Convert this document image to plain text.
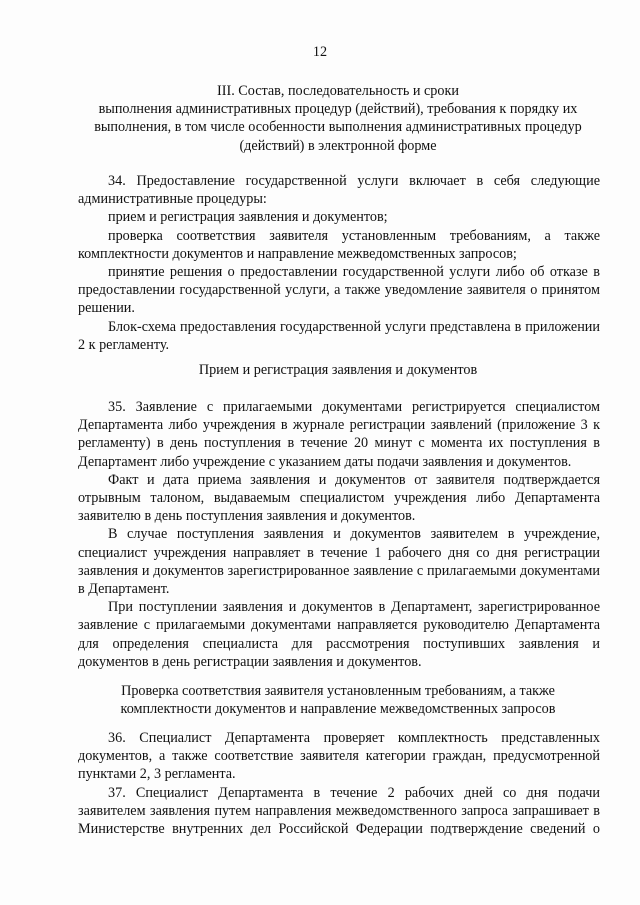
12
III. Состав, последовательность и сроки
выполнения административных процедур (действий), требования к порядку их
выполнения, в том числе особенности выполнения административных процедур
(действий) в электронной форме

34. Предоставление государственной услуги включает в себя следующие административные процедуры:

прием и регистрация заявления и документов;

проверка соответствия заявителя установленным требованиям, а также комплектности документов и направление межведомственных запросов;

принятие решения о предоставлении государственной услуги либо об отказе в предоставлении государственной услуги, а также уведомление заявителя о принятом решении.

Блок-схема предоставления государственной услуги представлена в приложении 2 к регламенту.

Прием и регистрация заявления и документов

35. Заявление с прилагаемыми документами регистрируется специалистом Департамента либо учреждения в журнале регистрации заявлений (приложение 3 к регламенту) в день поступления в течение 20 минут с момента их поступления в Департамент либо учреждение с указанием даты подачи заявления и документов.

Факт и дата приема заявления и документов от заявителя подтверждается отрывным талоном, выдаваемым специалистом учреждения либо Департамента заявителю в день поступления заявления и документов.

В случае поступления заявления и документов заявителем в учреждение, специалист учреждения направляет в течение 1 рабочего дня со дня регистрации заявления и документов зарегистрированное заявление с прилагаемыми документами в Департамент.

При поступлении заявления и документов в Департамент, зарегистрированное заявление с прилагаемыми документами направляется руководителю Департамента для определения специалиста для рассмотрения поступивших заявления и документов в день регистрации заявления и документов.

Проверка соответствия заявителя установленным требованиям, а также
комплектности документов и направление межведомственных запросов

36. Специалист Департамента проверяет комплектность представленных документов, а также соответствие заявителя категории граждан, предусмотренной пунктами 2, 3 регламента.

37. Специалист Департамента в течение 2 рабочих дней со дня подачи заявителем заявления путем направления межведомственного запроса запрашивает в Министерстве внутренних дел Российской Федерации подтверждение сведений о
